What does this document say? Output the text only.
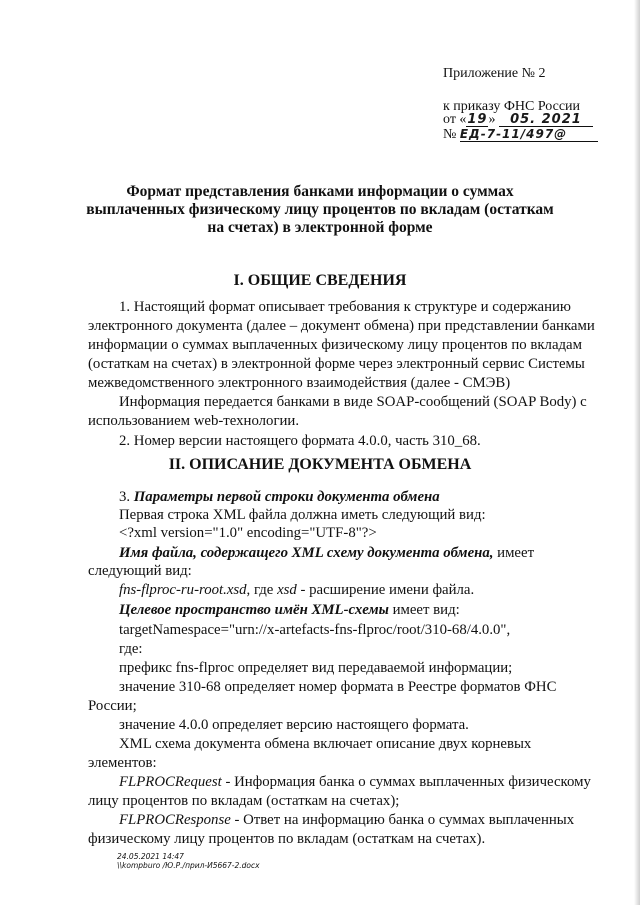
Приложение № 2
к приказу ФНС России
от «19» 05. 2021
№ ЕД-7-11/497@
Формат представления банками информации о суммах
выплаченных физическому лицу процентов по вкладам (остаткам
на счетах) в электронной форме
I. ОБЩИЕ СВЕДЕНИЯ
1. Настоящий формат описывает требования к структуре и содержанию
электронного документа (далее – документ обмена) при представлении банками
информации о суммах выплаченных физическому лицу процентов по вкладам
(остаткам на счетах) в электронной форме через электронный сервис Системы
межведомственного электронного взаимодействия (далее - СМЭВ)
Информация передается банками в виде SOAP-сообщений (SOAP Body) с
использованием web-технологии.
2. Номер версии настоящего формата 4.0.0, часть 310_68.
II. ОПИСАНИЕ ДОКУМЕНТА ОБМЕНА
3. Параметры первой строки документа обмена
Первая строка XML файла должна иметь следующий вид:
<?xml version="1.0" encoding="UTF-8"?>
Имя файла, содержащего XML схему документа обмена, имеет
следующий вид:
fns-flproc-ru-root.xsd, где xsd - расширение имени файла.
Целевое пространство имён XML-схемы имеет вид:
targetNamespace="urn://x-artefacts-fns-flproc/root/310-68/4.0.0",
где:
префикс fns-flproc определяет вид передаваемой информации;
значение 310-68 определяет номер формата в Реестре форматов ФНС
России;
значение 4.0.0 определяет версию настоящего формата.
XML схема документа обмена включает описание двух корневых
элементов:
FLPROCRequest - Информация банка о суммах выплаченных физическому
лицу процентов по вкладам (остаткам на счетах);
FLPROCResponse - Ответ на информацию банка о суммах выплаченных
физическому лицу процентов по вкладам (остаткам на счетах).
24.05.2021 14:47
\\kompburo /Ю.Р./прил-И5667-2.docx
